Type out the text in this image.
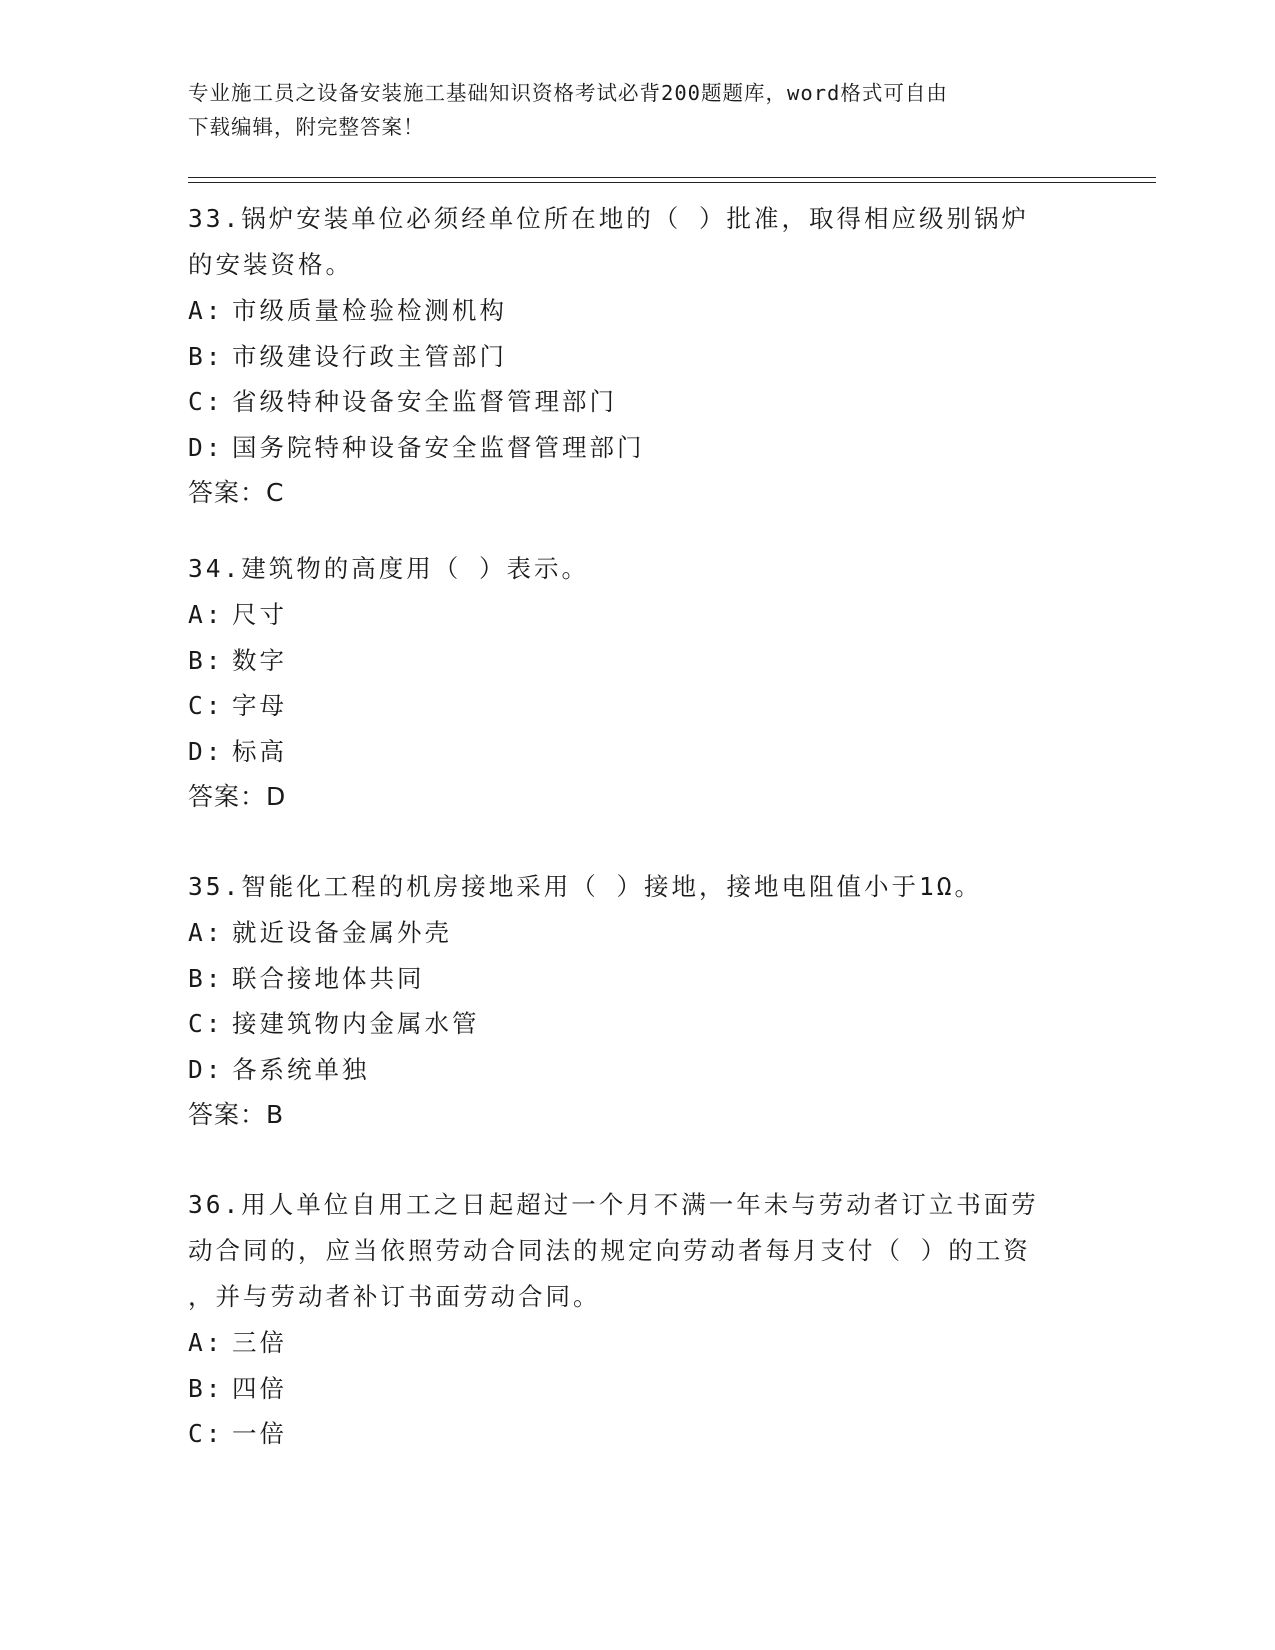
专业施工员之设备安装施工基础知识资格考试必背200题题库，word格式可自由
下载编辑，附完整答案！
33.锅炉安装单位必须经单位所在地的（ ）批准，取得相应级别锅炉
的安装资格。
A: 市级质量检验检测机构
B: 市级建设行政主管部门
C: 省级特种设备安全监督管理部门
D: 国务院特种设备安全监督管理部门
答案：C
34.建筑物的高度用（ ）表示。
A: 尺寸
B: 数字
C: 字母
D: 标高
答案：D
35.智能化工程的机房接地采用（ ）接地，接地电阻值小于1Ω。
A: 就近设备金属外壳
B: 联合接地体共同
C: 接建筑物内金属水管
D: 各系统单独
答案：B
36.用人单位自用工之日起超过一个月不满一年未与劳动者订立书面劳
动合同的，应当依照劳动合同法的规定向劳动者每月支付（ ）的工资
，并与劳动者补订书面劳动合同。
A: 三倍
B: 四倍
C: 一倍
